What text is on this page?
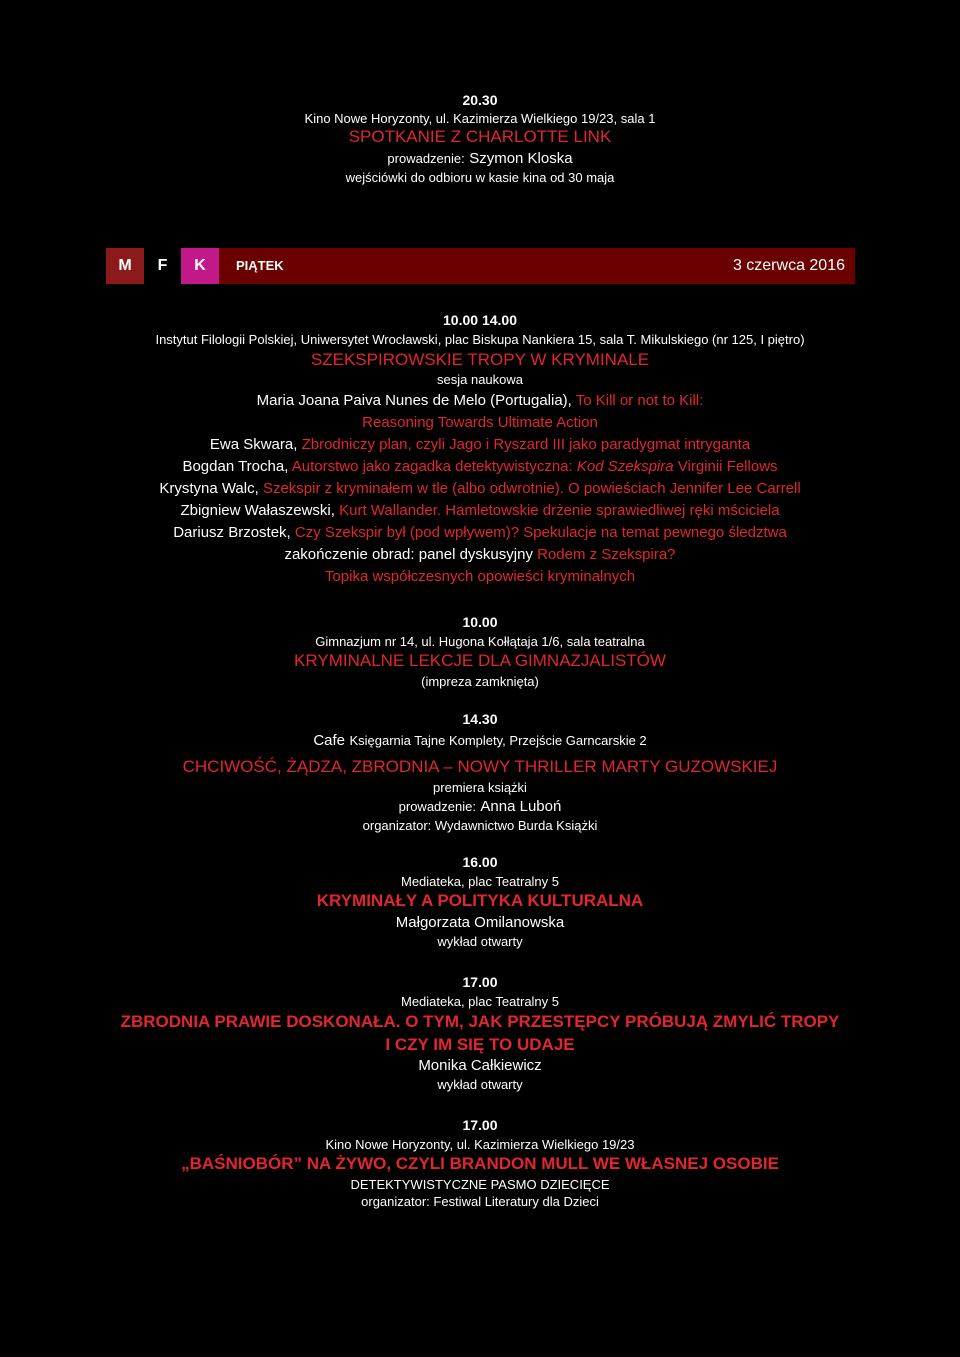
20.30
Kino Nowe Horyzonty, ul. Kazimierza Wielkiego 19/23, sala 1
SPOTKANIE Z CHARLOTTE LINK
prowadzenie: Szymon Kloska
wejściówki do odbioru w kasie kina od 30 maja
M	F	K	PIĄTEK	3 czerwca 2016
10.00 14.00
Instytut Filologii Polskiej, Uniwersytet Wrocławski, plac Biskupa Nankiera 15, sala T. Mikulskiego (nr 125, I piętro)
SZEKSPIROWSKIE TROPY W KRYMINALE
sesja naukowa
Maria Joana Paiva Nunes de Melo (Portugalia), To Kill or not to Kill:
Reasoning Towards Ultimate Action
Ewa Skwara, Zbrodniczy plan, czyli Jago i Ryszard III jako paradygmat intryganta
Bogdan Trocha, Autorstwo jako zagadka detektywistyczna: Kod Szekspira Virginii Fellows
Krystyna Walc, Szekspir z kryminałem w tle (albo odwrotnie). O powieściach Jennifer Lee Carrell
Zbigniew Wałaszewski, Kurt Wallander. Hamletowskie drżenie sprawiedliwej ręki mściciela
Dariusz Brzostek, Czy Szekspir był (pod wpływem)? Spekulacje na temat pewnego śledztwa
zakończenie obrad: panel dyskusyjny Rodem z Szekspira?
Topika współczesnych opowieści kryminalnych
10.00
Gimnazjum nr 14, ul. Hugona Kołłątaja 1/6, sala teatralna
KRYMINALNE LEKCJE DLA GIMNAZJALISTÓW
(impreza zamknięta)
14.30
Cafe Księgarnia Tajne Komplety, Przejście Garncarskie 2
CHCIWOŚĆ, ŻĄDZA, ZBRODNIA – NOWY THRILLER MARTY GUZOWSKIEJ
premiera książki
prowadzenie: Anna Luboń
organizator: Wydawnictwo Burda Książki
16.00
Mediateka, plac Teatralny 5
KRYMINAŁY A POLITYKA KULTURALNA
Małgorzata Omilanowska
wykład otwarty
17.00
Mediateka, plac Teatralny 5
ZBRODNIA PRAWIE DOSKONAŁA. O TYM, JAK PRZESTĘPCY PRÓBUJĄ ZMYLIĆ TROPY
I CZY IM SIĘ TO UDAJE
Monika Całkiewicz
wykład otwarty
17.00
Kino Nowe Horyzonty, ul. Kazimierza Wielkiego 19/23
„BAŚNIOBÓR” NA ŻYWO, CZYLI BRANDON MULL WE WŁASNEJ OSOBIE
DETEKTYWISTYCZNE PASMO DZIECIĘCE
organizator: Festiwal Literatury dla Dzieci
